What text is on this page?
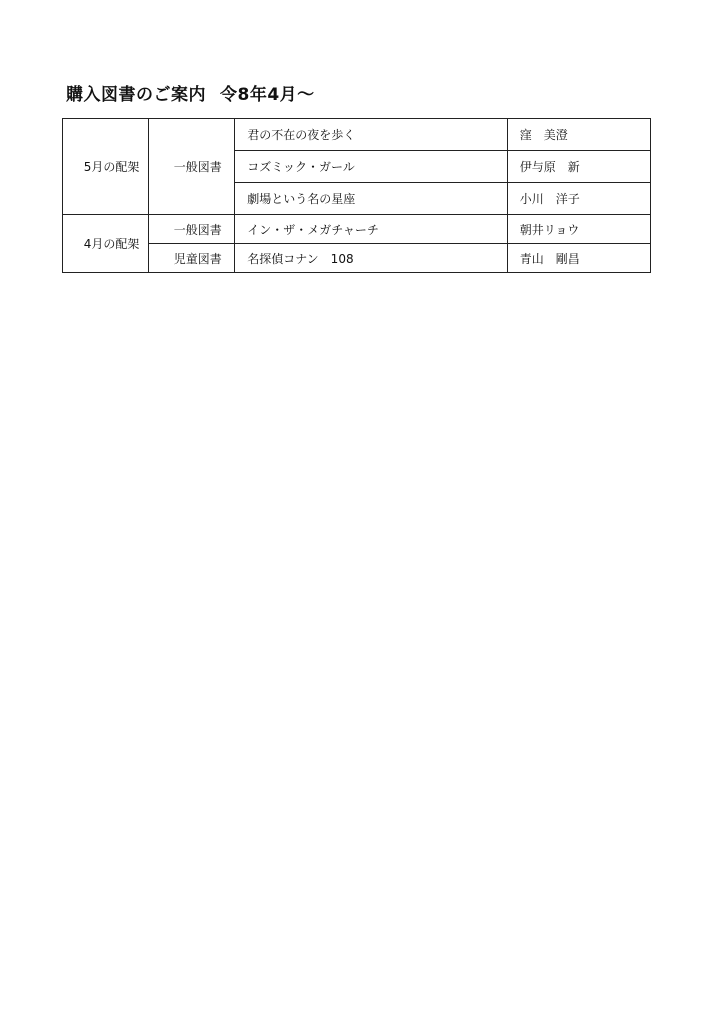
購入図書のご案内 令8年4月～
5月の配架	一般図書	君の不在の夜を歩く	窪　美澄
		コズミック・ガール	伊与原　新
		劇場という名の星座	小川　洋子
4月の配架	一般図書	イン・ザ・メガチャーチ	朝井リョウ
	児童図書	名探偵コナン　108	青山　剛昌
